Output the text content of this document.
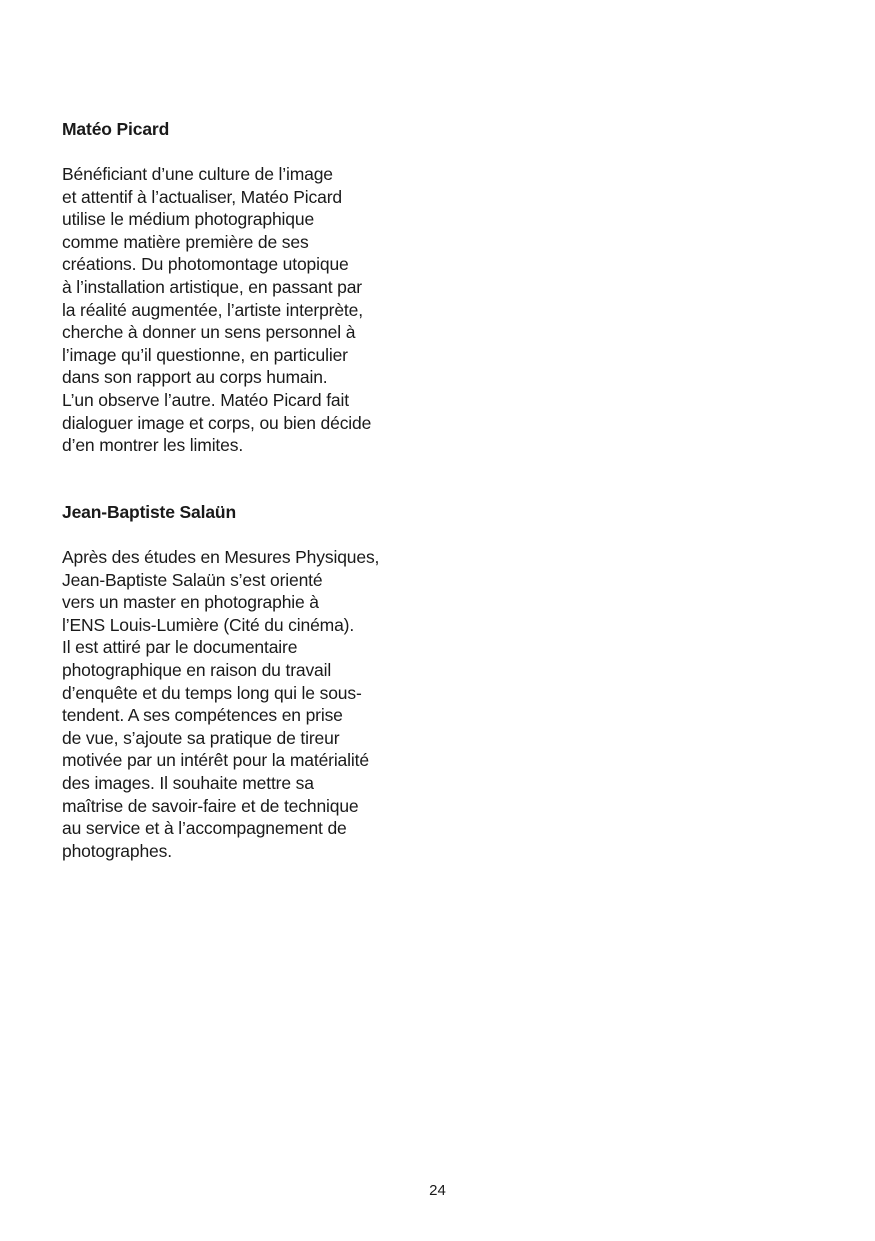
Matéo Picard

Bénéficiant d’une culture de l’image
et attentif à l’actualiser, Matéo Picard
utilise le médium photographique
comme matière première de ses
créations. Du photomontage utopique
à l’installation artistique, en passant par
la réalité augmentée, l’artiste interprète,
cherche à donner un sens personnel à
l’image qu’il questionne, en particulier
dans son rapport au corps humain.
L’un observe l’autre. Matéo Picard fait
dialoguer image et corps, ou bien décide
d’en montrer les limites.

Jean-Baptiste Salaün

Après des études en Mesures Physiques,
Jean-Baptiste Salaün s’est orienté
vers un master en photographie à
l’ENS Louis-Lumière (Cité du cinéma).
Il est attiré par le documentaire
photographique en raison du travail
d’enquête et du temps long qui le sous-
tendent. A ses compétences en prise
de vue, s’ajoute sa pratique de tireur
motivée par un intérêt pour la matérialité
des images. Il souhaite mettre sa
maîtrise de savoir-faire et de technique
au service et à l’accompagnement de
photographes.

24
